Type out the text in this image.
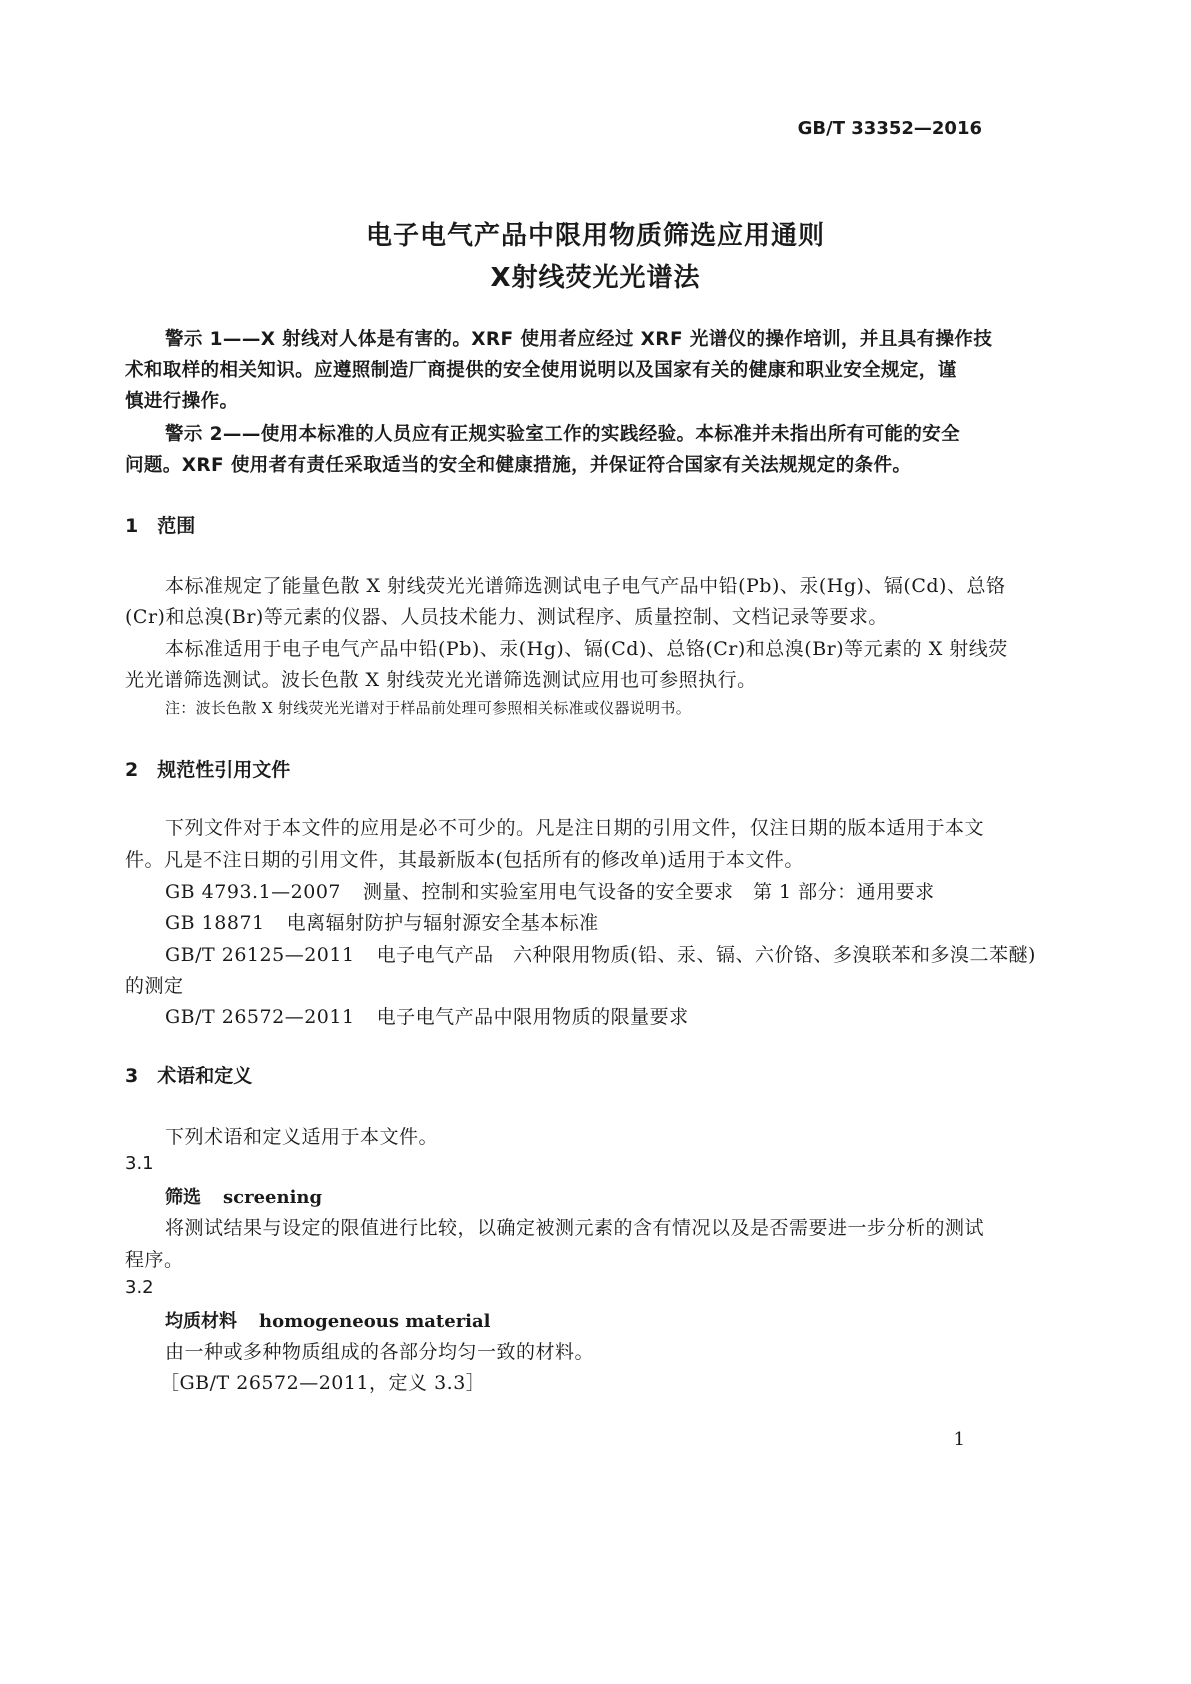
GB/T 33352—2016
电子电气产品中限用物质筛选应用通则
X射线荧光光谱法
警示 1——X 射线对人体是有害的。XRF 使用者应经过 XRF 光谱仪的操作培训，并且具有操作技
术和取样的相关知识。应遵照制造厂商提供的安全使用说明以及国家有关的健康和职业安全规定，谨
慎进行操作。
警示 2——使用本标准的人员应有正规实验室工作的实践经验。本标准并未指出所有可能的安全
问题。XRF 使用者有责任采取适当的安全和健康措施，并保证符合国家有关法规规定的条件。
1　范围
本标准规定了能量色散 X 射线荧光光谱筛选测试电子电气产品中铅(Pb)、汞(Hg)、镉(Cd)、总铬
(Cr)和总溴(Br)等元素的仪器、人员技术能力、测试程序、质量控制、文档记录等要求。
本标准适用于电子电气产品中铅(Pb)、汞(Hg)、镉(Cd)、总铬(Cr)和总溴(Br)等元素的 X 射线荧
光光谱筛选测试。波长色散 X 射线荧光光谱筛选测试应用也可参照执行。
注：波长色散 X 射线荧光光谱对于样品前处理可参照相关标准或仪器说明书。
2　规范性引用文件
下列文件对于本文件的应用是必不可少的。凡是注日期的引用文件，仅注日期的版本适用于本文
件。凡是不注日期的引用文件，其最新版本(包括所有的修改单)适用于本文件。
GB 4793.1—2007 测量、控制和实验室用电气设备的安全要求　第 1 部分：通用要求
GB 18871 电离辐射防护与辐射源安全基本标准
GB/T 26125—2011 电子电气产品　六种限用物质(铅、汞、镉、六价铬、多溴联苯和多溴二苯醚)
的测定
GB/T 26572—2011 电子电气产品中限用物质的限量要求
3　术语和定义
下列术语和定义适用于本文件。
3.1
筛选 screening
将测试结果与设定的限值进行比较，以确定被测元素的含有情况以及是否需要进一步分析的测试
程序。
3.2
均质材料 homogeneous material
由一种或多种物质组成的各部分均匀一致的材料。
［GB/T 26572—2011，定义 3.3］
1
